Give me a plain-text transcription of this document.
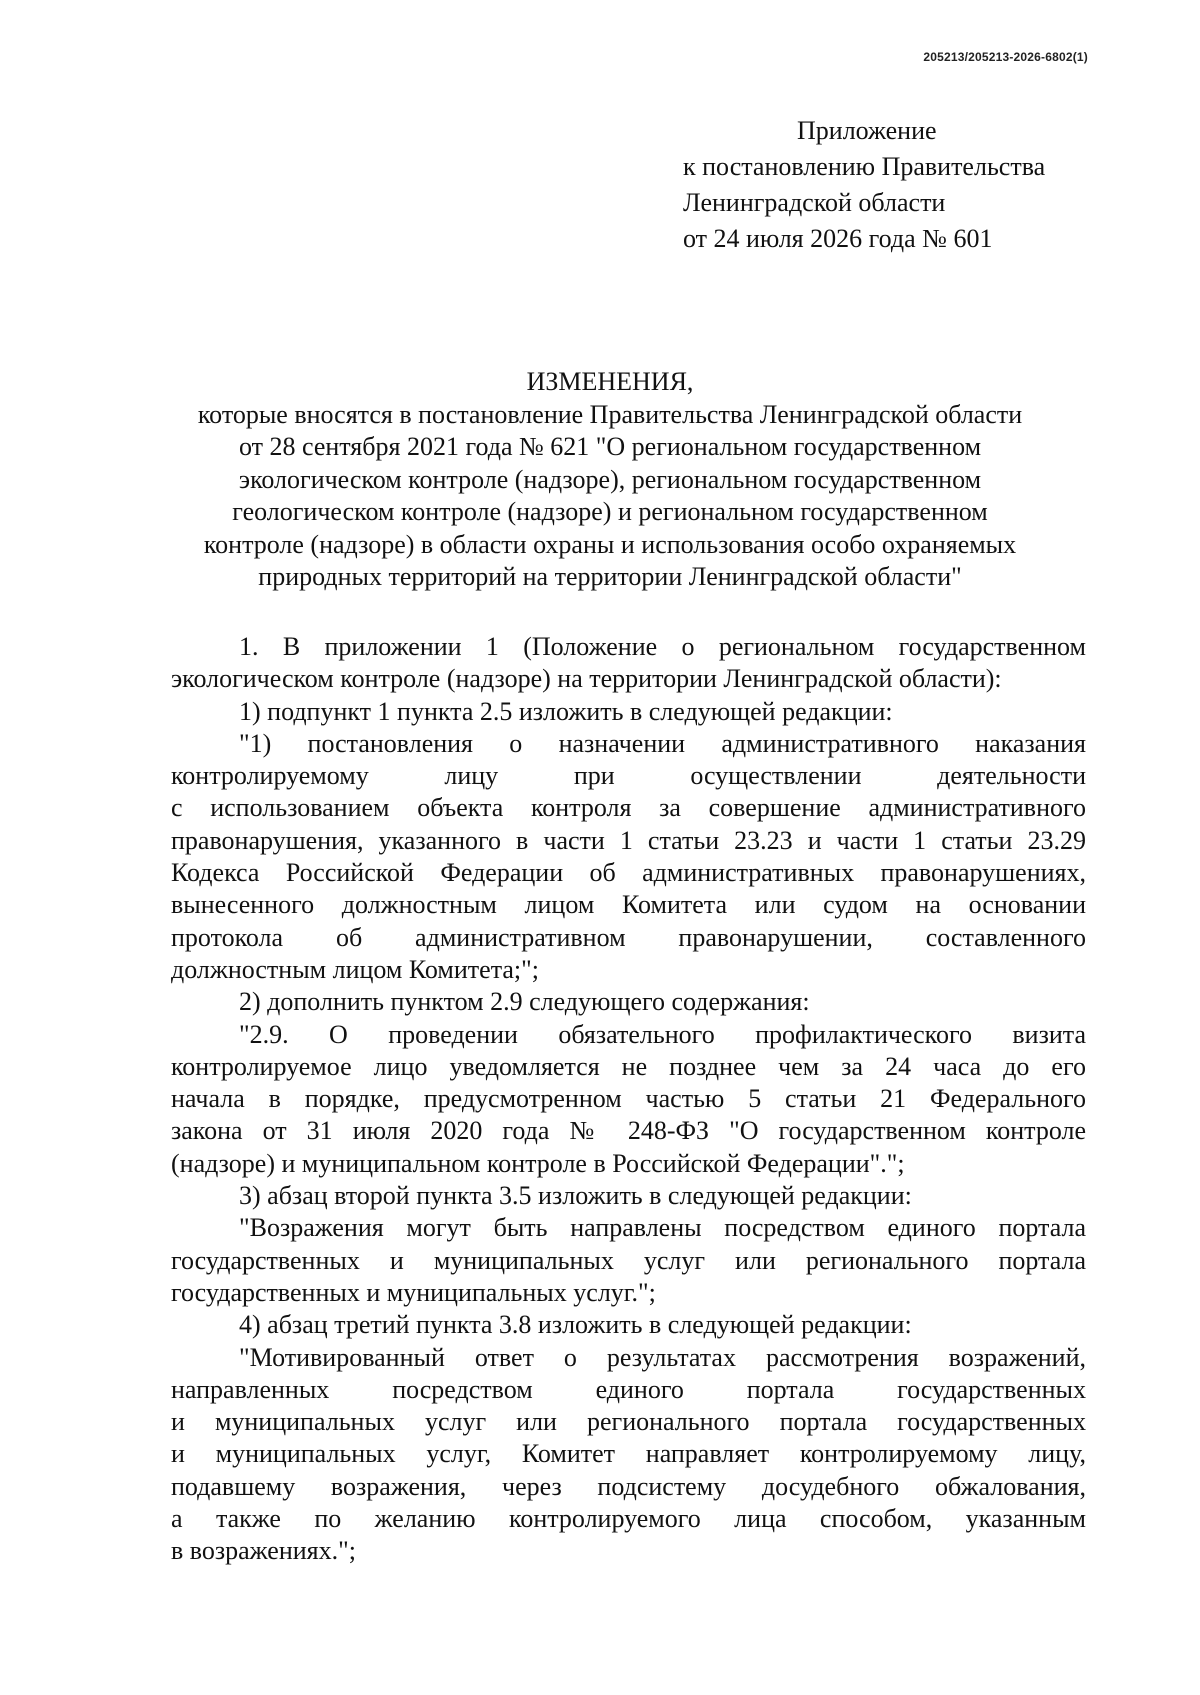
205213/205213-2026-6802(1)
Приложение
к постановлению Правительства
Ленинградской области
от 24 июля 2026 года № 601
ИЗМЕНЕНИЯ,
которые вносятся в постановление Правительства Ленинградской области
от 28 сентября 2021 года № 621 "О региональном государственном
экологическом контроле (надзоре), региональном государственном
геологическом контроле (надзоре) и региональном государственном
контроле (надзоре) в области охраны и использования особо охраняемых
природных территорий на территории Ленинградской области"

1. В приложении 1 (Положение о региональном государственном
экологическом контроле (надзоре) на территории Ленинградской области):

1) подпункт 1 пункта 2.5 изложить в следующей редакции:

"1) постановления о назначении административного наказания
контролируемому лицу при осуществлении деятельности
с использованием объекта контроля за совершение административного
правонарушения, указанного в части 1 статьи 23.23 и части 1 статьи 23.29
Кодекса Российской Федерации об административных правонарушениях,
вынесенного должностным лицом Комитета или судом на основании
протокола об административном правонарушении, составленного
должностным лицом Комитета;";

2) дополнить пунктом 2.9 следующего содержания:

"2.9. О проведении обязательного профилактического визита
контролируемое лицо уведомляется не позднее чем за 24 часа до его
начала в порядке, предусмотренном частью 5 статьи 21 Федерального
закона от 31 июля 2020 года № 248-ФЗ "О государственном контроле
(надзоре) и муниципальном контроле в Российской Федерации".";

3) абзац второй пункта 3.5 изложить в следующей редакции:

"Возражения могут быть направлены посредством единого портала
государственных и муниципальных услуг или регионального портала
государственных и муниципальных услуг.";

4) абзац третий пункта 3.8 изложить в следующей редакции:

"Мотивированный ответ о результатах рассмотрения возражений,
направленных посредством единого портала государственных
и муниципальных услуг или регионального портала государственных
и муниципальных услуг, Комитет направляет контролируемому лицу,
подавшему возражения, через подсистему досудебного обжалования,
а также по желанию контролируемого лица способом, указанным
в возражениях.";
